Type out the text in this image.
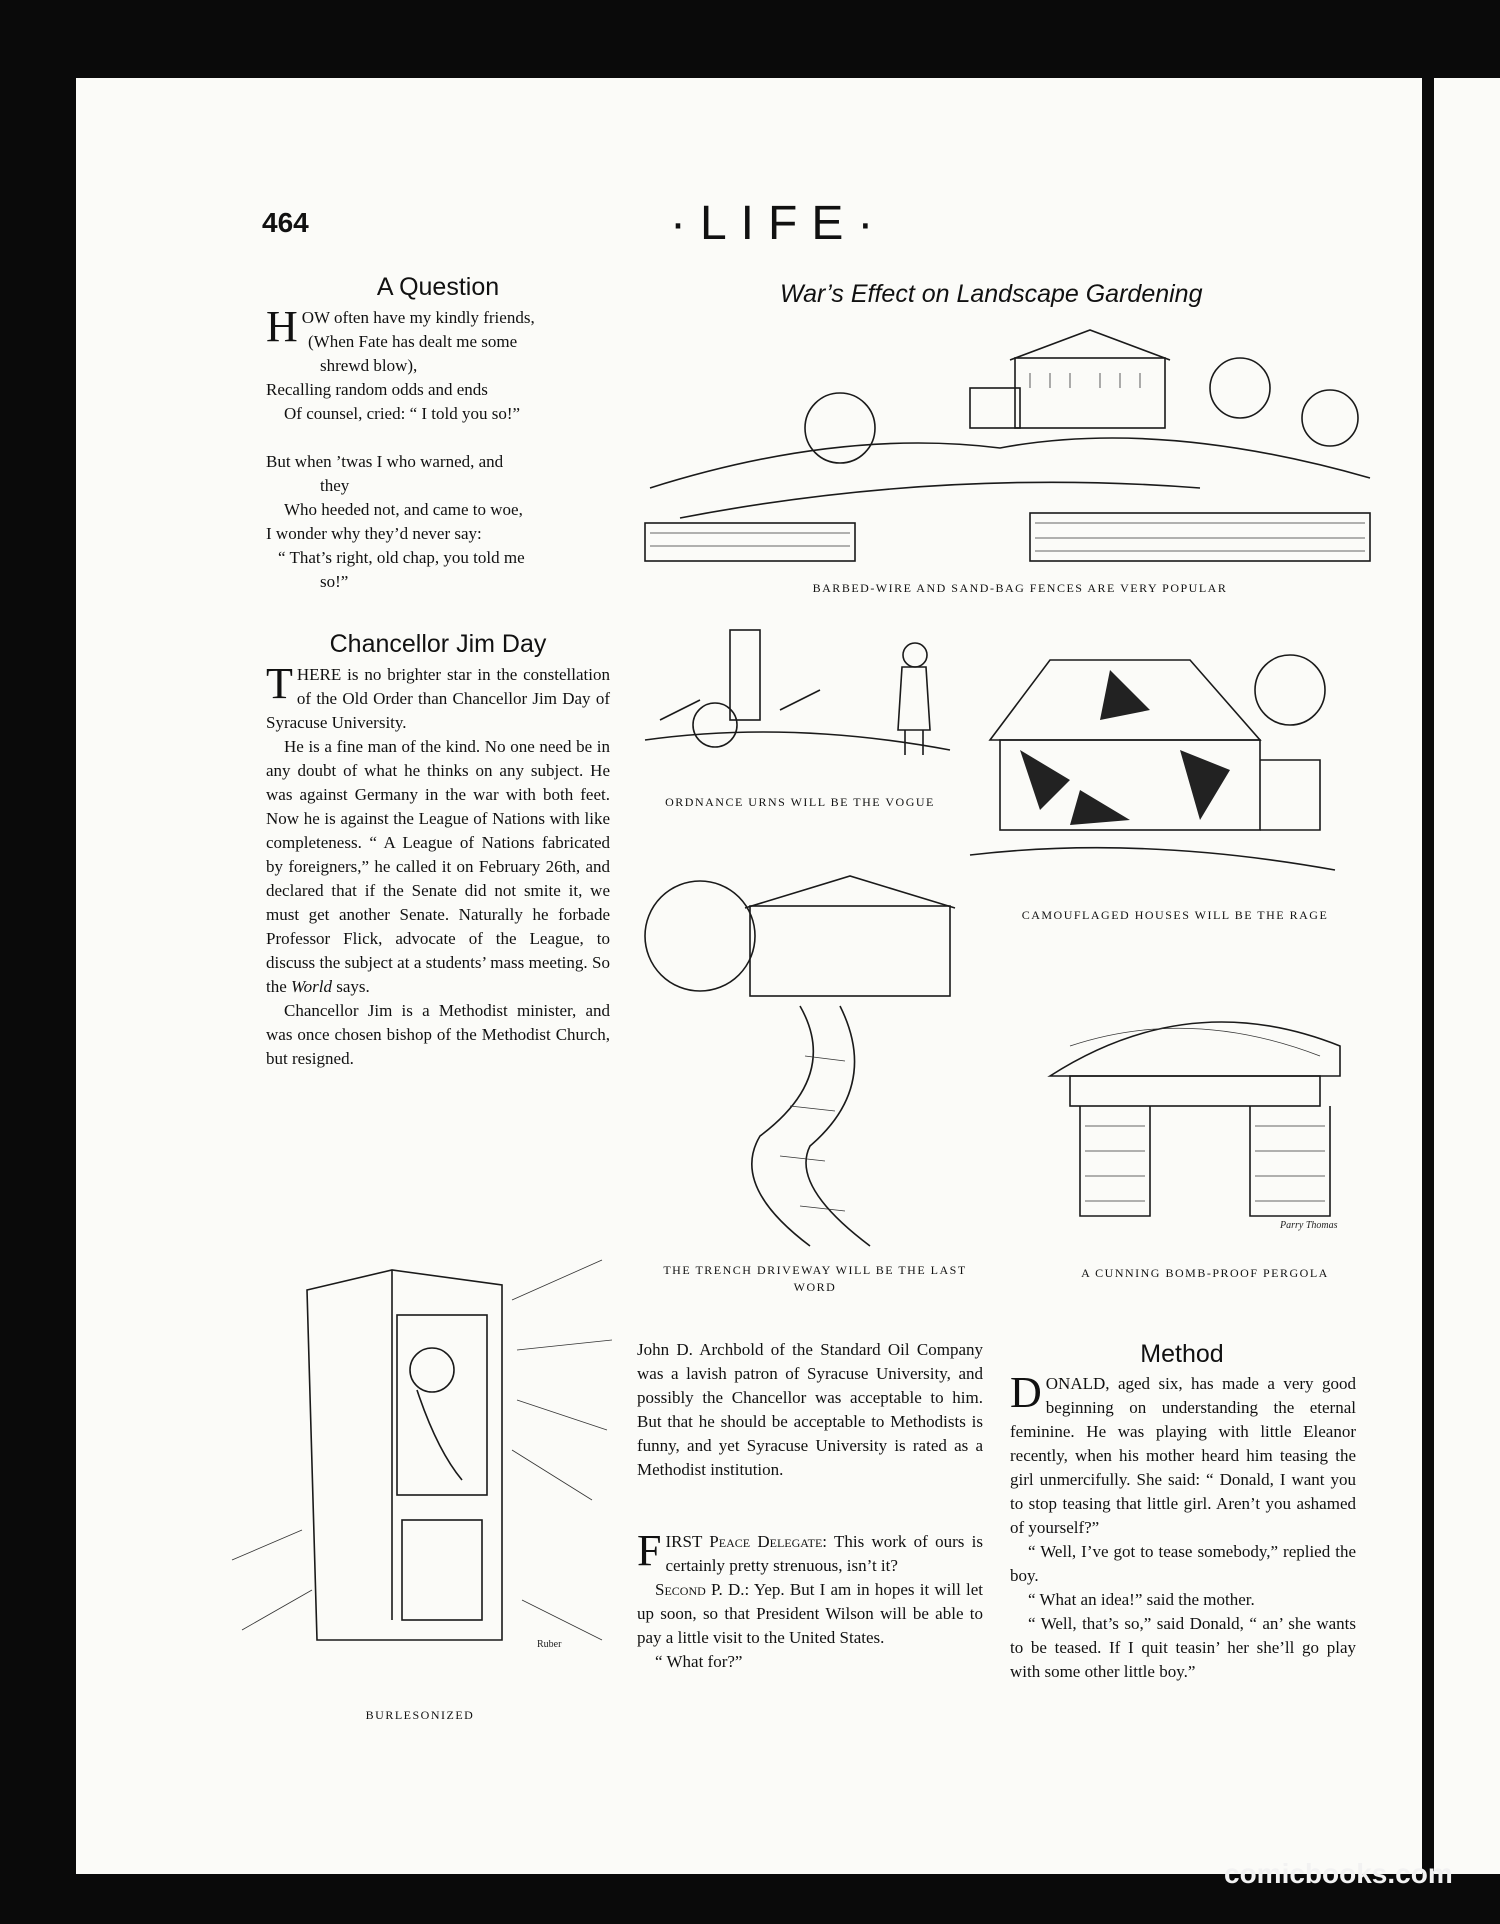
464	·LIFE·
A Question
H OW often have my kindly friends,
(When Fate has dealt me some
shrewd blow),
Recalling random odds and ends
Of counsel, cried: “ I told you so!”
But when ’twas I who warned, and
they
Who heeded not, and came to woe,
I wonder why they’d never say:
“ That’s right, old chap, you told me
so!”
Chancellor Jim Day

THERE is no brighter star in the constellation of the Old Order than Chancellor Jim Day of Syracuse University.

He is a fine man of the kind. No one need be in any doubt of what he thinks on any subject. He was against Germany in the war with both feet. Now he is against the League of Nations with like completeness. “ A League of Nations fabricated by foreigners,” he called it on February 26th, and declared that if the Senate did not smite it, we must get another Senate. Naturally he forbade Professor Flick, advocate of the League, to discuss the subject at a students’ mass meeting. So the World says.

Chancellor Jim is a Methodist minister, and was once chosen bishop of the Methodist Church, but resigned.

War’s Effect on Landscape Gardening
BARBED-WIRE AND SAND-BAG FENCES ARE VERY POPULAR
ORDNANCE URNS WILL BE THE VOGUE
CAMOUFLAGED HOUSES WILL BE THE RAGE
THE TRENCH DRIVEWAY WILL BE THE LAST WORD
Parry Thomas
A CUNNING BOMB-PROOF PERGOLA
Ruber
BURLESONIZED

John D. Archbold of the Standard Oil Company was a lavish patron of Syracuse University, and possibly the Chancellor was acceptable to him. But that he should be acceptable to Methodists is funny, and yet Syracuse University is rated as a Methodist institution.

FIRST Peace Delegate: This work of ours is certainly pretty strenuous, isn’t it?

Second P. D.: Yep. But I am in hopes it will let up soon, so that President Wilson will be able to pay a little visit to the United States.

“ What for?”

Method

DONALD, aged six, has made a very good beginning on understanding the eternal feminine. He was playing with little Eleanor recently, when his mother heard him teasing the girl unmercifully. She said: “ Donald, I want you to stop teasing that little girl. Aren’t you ashamed of yourself?”

“ Well, I’ve got to tease somebody,” replied the boy.

“ What an idea!” said the mother.

“ Well, that’s so,” said Donald, “ an’ she wants to be teased. If I quit teasin’ her she’ll go play with some other little boy.”

comicbooks.com
